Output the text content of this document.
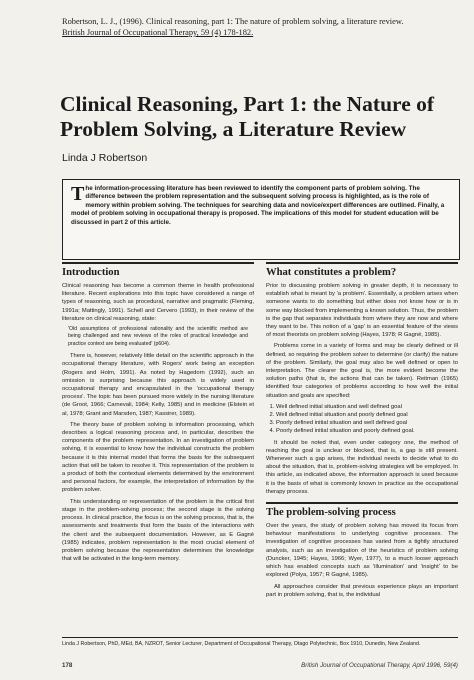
Robertson, L. J., (1996). Clinical reasoning, part 1: The nature of problem solving, a literature review.
British Journal of Occupational Therapy, 59 (4) 178-182.
Clinical Reasoning, Part 1: the Nature of Problem Solving, a Literature Review
Linda J Robertson

The information-processing literature has been reviewed to identify the component parts of problem solving. The difference between the problem representation and the subsequent solving process is highlighted, as is the role of memory within problem solving. The techniques for searching data and novice/expert differences are outlined. Finally, a model of problem solving in occupational therapy is proposed. The implications of this model for student education will be discussed in part 2 of this article.

Introduction

Clinical reasoning has become a common theme in health professional literature. Recent explorations into this topic have considered a range of types of reasoning, such as procedural, narrative and pragmatic (Fleming, 1991a; Mattingly, 1991). Schell and Cervero (1993), in their review of the literature on clinical reasoning, state:

'Old assumptions of professional rationality and the scientific method are being challenged and new reviews of the roles of practical knowledge and practice context are being evaluated' (p604).

There is, however, relatively little detail on the scientific approach in the occupational therapy literature, with Rogers' work being an exception (Rogers and Holm, 1991). As noted by Hagedorn (1992), such an omission is surprising because this approach is widely used in occupational therapy and encapsulated in the 'occupational therapy process'. The topic has been pursued more widely in the nursing literature (de Groot, 1966; Carnevali, 1984; Kelly, 1985) and in medicine (Elstein et al, 1978; Grant and Marsden, 1987; Kassirer, 1989).

The theory base of problem solving is information processing, which describes a logical reasoning process and, in particular, describes the components of the problem representation. In an investigation of problem solving, it is essential to know how the individual constructs the problem because it is this internal model that forms the basis for the subsequent action that will be taken to resolve it. This representation of the problem is a product of both the contextual elements determined by the environment and personal factors, for example, the interpretation of information by the problem solver.

This understanding or representation of the problem is the critical first stage in the problem-solving process; the second stage is the solving process. In clinical practice, the focus is on the solving process, that is, the assessments and treatments that form the basis of the interactions with the client and the subsequent documentation. However, as E Gagné (1985) indicates, problem representation is the most crucial element of problem solving because the representation determines the knowledge that will be activated in the long-term memory.

What constitutes a problem?

Prior to discussing problem solving in greater depth, it is necessary to establish what is meant by 'a problem'. Essentially, a problem arises when someone wants to do something but either does not know how or is in some way blocked from implementing a known solution. Thus, the problem is the gap that separates individuals from where they are now and where they want to be. This notion of a 'gap' is an essential feature of the views of most theorists on problem solving (Hayes, 1978; R Gagné, 1985).

Problems come in a variety of forms and may be clearly defined or ill defined, so requiring the problem solver to determine (or clarify) the nature of the problem. Similarly, the goal may also be well defined or open to interpretation. The clearer the goal is, the more evident become the solution paths (that is, the actions that can be taken). Reitman (1965) identified four categories of problems according to how well the initial situation and goals are specified:

1. Well defined initial situation and well defined goal
2. Well defined initial situation and poorly defined goal
3. Poorly defined initial situation and well defined goal
4. Poorly defined initial situation and poorly defined goal.

It should be noted that, even under category one, the method of reaching the goal is unclear or blocked, that is, a gap is still present. Whenever such a gap arises, the individual needs to decide what to do about the situation, that is, problem-solving strategies will be employed. In this article, as indicated above, the information approach is used because it is the basis of what is commonly known in practice as the occupational therapy process.

The problem-solving process

Over the years, the study of problem solving has moved its focus from behaviour manifestations to underlying cognitive processes. The investigation of cognitive processes has varied from a tightly structured analysis, such as an investigation of the heuristics of problem solving (Duncker, 1945; Hayes, 1966; Wyer, 1977), to a much looser approach which has enabled concepts such as 'illumination' and 'insight' to be explored (Polya, 1957; R Gagné, 1985).

All approaches consider that previous experience plays an important part in problem solving, that is, the individual

Linda J Robertson, PhD, MEd, BA, NZROT, Senior Lecturer, Department of Occupational Therapy, Otago Polytechnic, Box 1910, Dunedin, New Zealand.
178	British Journal of Occupational Therapy, April 1996, 59(4)
